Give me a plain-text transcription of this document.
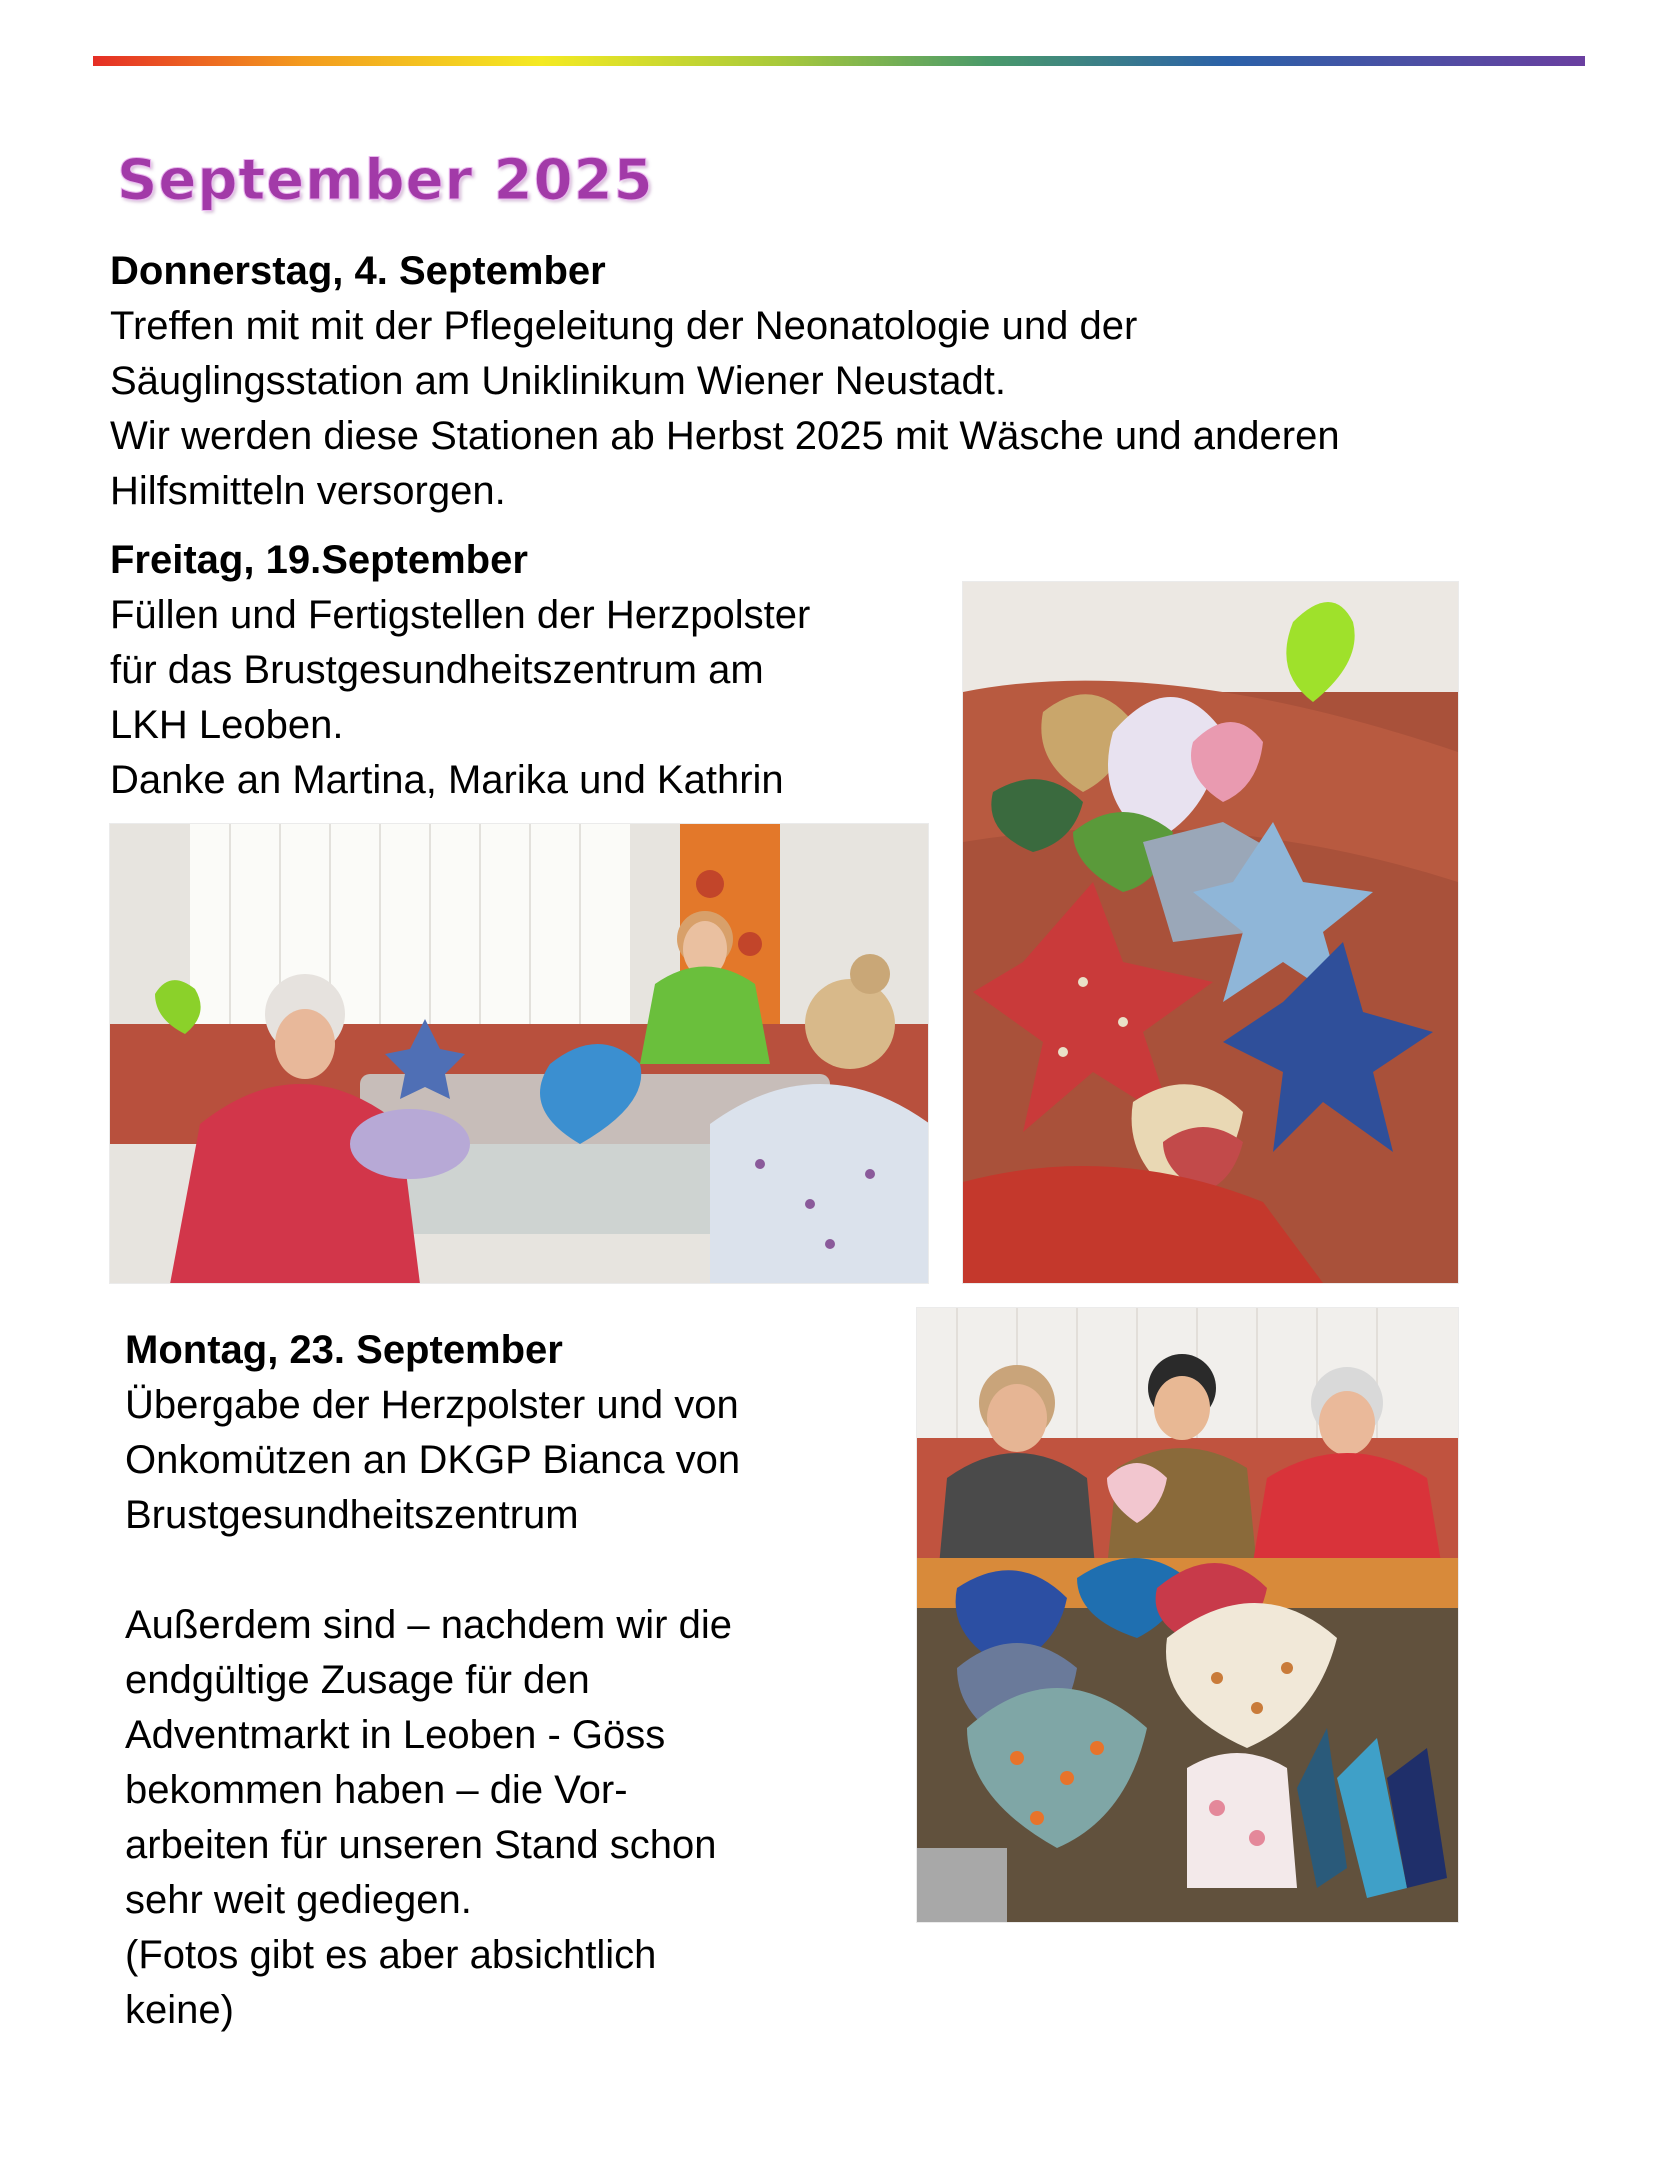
September 2025
Donnerstag, 4. September
Treffen mit mit der Pflegeleitung der Neonatologie und der
Säuglingsstation am Uniklinikum Wiener Neustadt.
Wir werden diese Stationen ab Herbst 2025 mit Wäsche und anderen
Hilfsmitteln versorgen.
Freitag, 19.September
Füllen und Fertigstellen der Herzpolster
für das Brustgesundheitszentrum am
LKH Leoben.
Danke an Martina, Marika und Kathrin
Montag, 23. September
Übergabe der Herzpolster und von
Onkomützen an DKGP Bianca von
Brustgesundheitszentrum
Außerdem sind – nachdem wir die
endgültige Zusage für den
Adventmarkt in Leoben - Göss
bekommen haben – die Vor-
arbeiten für unseren Stand schon
sehr weit gediegen.
(Fotos gibt es aber absichtlich
keine)
